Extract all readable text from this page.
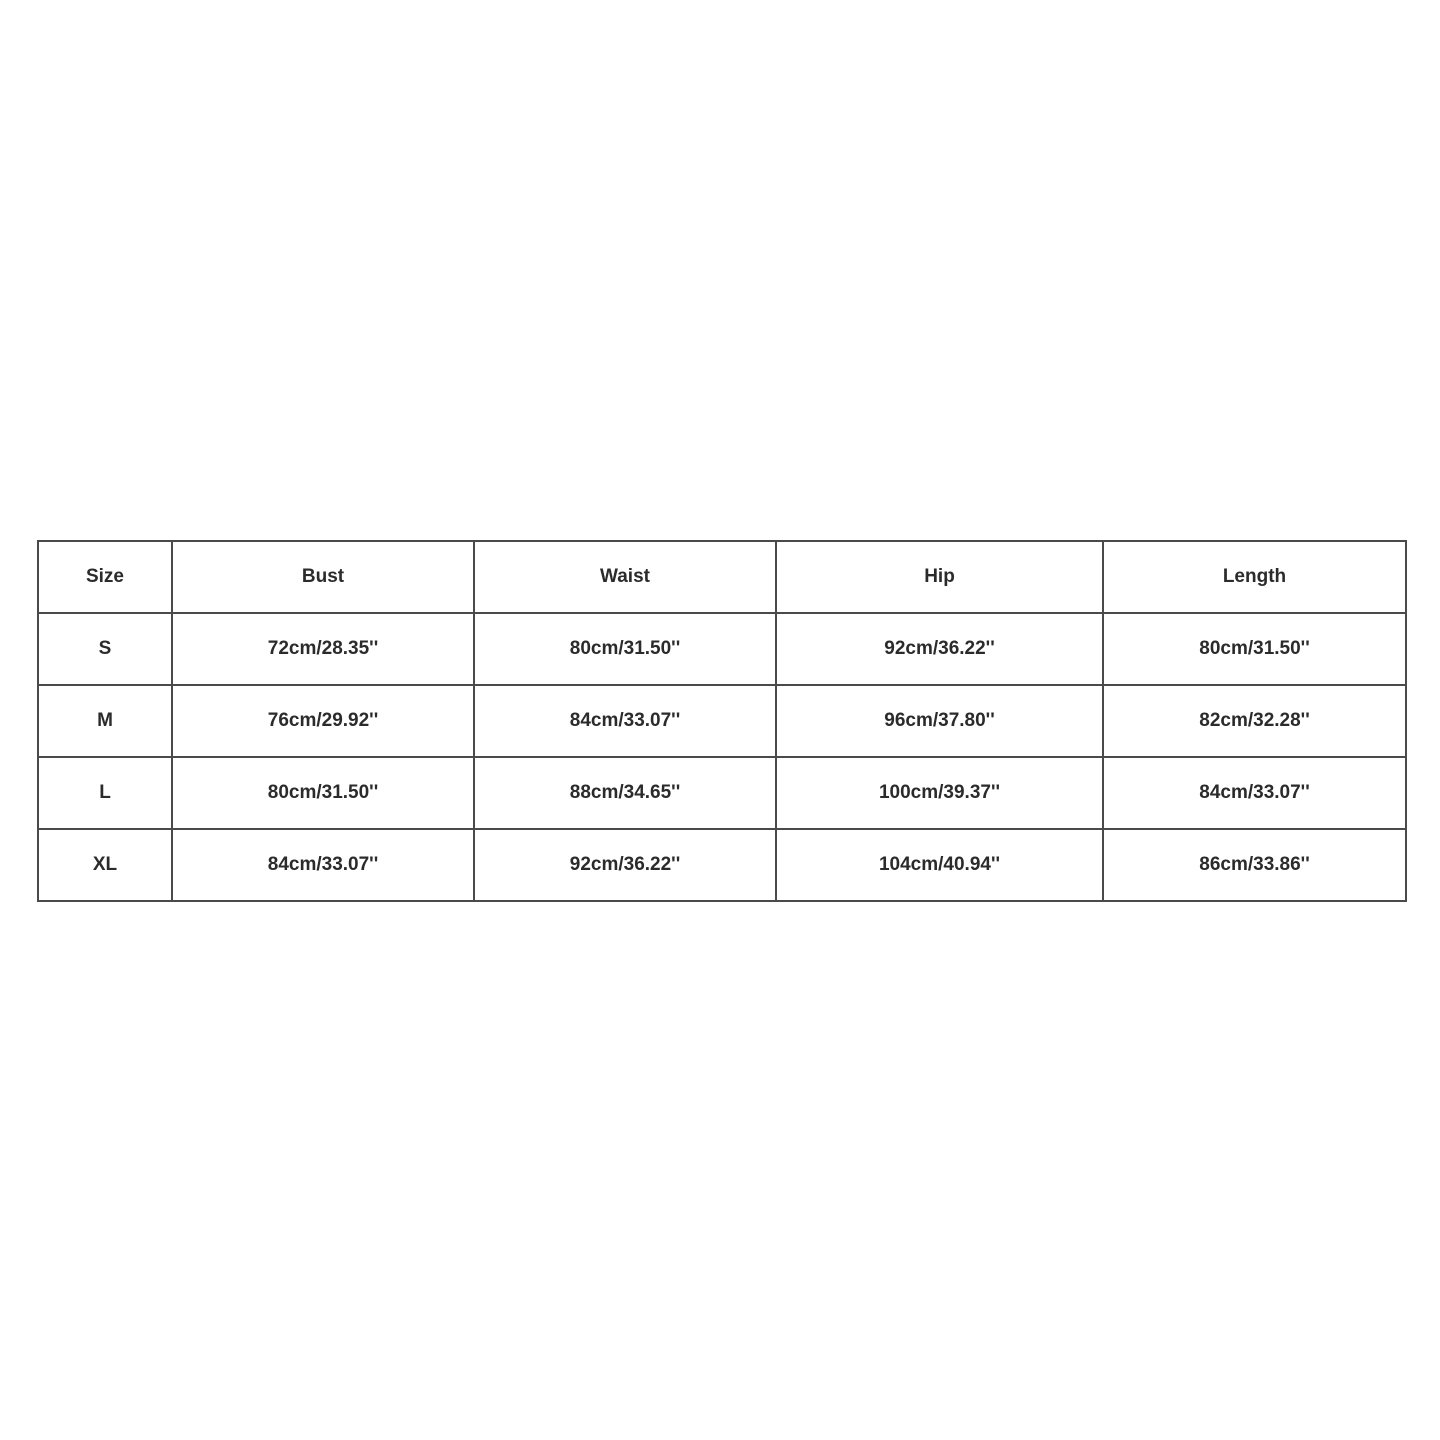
Size	Bust	Waist	Hip	Length
S	72cm/28.35''	80cm/31.50''	92cm/36.22''	80cm/31.50''
M	76cm/29.92''	84cm/33.07''	96cm/37.80''	82cm/32.28''
L	80cm/31.50''	88cm/34.65''	100cm/39.37''	84cm/33.07''
XL	84cm/33.07''	92cm/36.22''	104cm/40.94''	86cm/33.86''
